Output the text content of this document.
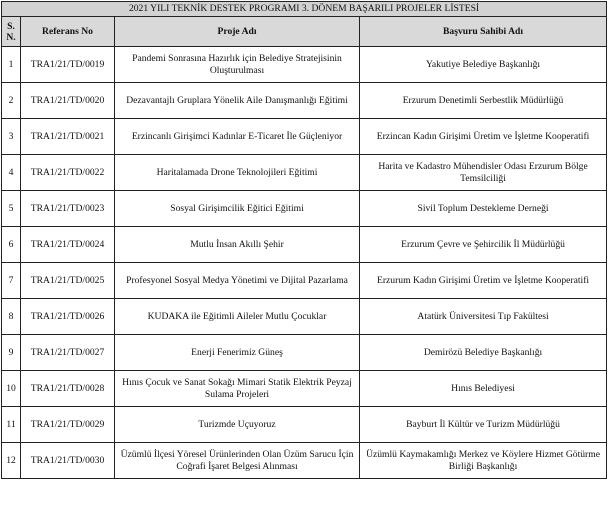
2021 YILI TEKNİK DESTEK PROGRAMI 3. DÖNEM BAŞARILI PROJELER LİSTESİ			

S.
N.	Referans No	Proje Adı	Başvuru Sahibi Adı
1	TRA1/21/TD/0019	Pandemi Sonrasına Hazırlık için Belediye Stratejisinin Oluşturulması	Yakutiye Belediye Başkanlığı
2	TRA1/21/TD/0020	Dezavantajlı Gruplara Yönelik Aile Danışmanlığı Eğitimi	Erzurum Denetimli Serbestlik Müdürlüğü
3	TRA1/21/TD/0021	Erzincanlı Girişimci Kadınlar E-Ticaret İle Güçleniyor	Erzincan Kadın Girişimi Üretim ve İşletme Kooperatifi
4	TRA1/21/TD/0022	Haritalamada Drone Teknolojileri Eğitimi	Harita ve Kadastro Mühendisler Odası Erzurum Bölge Temsilciliği
5	TRA1/21/TD/0023	Sosyal Girişimcilik Eğitici Eğitimi	Sivil Toplum Destekleme Derneği
6	TRA1/21/TD/0024	Mutlu İnsan Akıllı Şehir	Erzurum Çevre ve Şehircilik İl Müdürlüğü
7	TRA1/21/TD/0025	Profesyonel Sosyal Medya Yönetimi ve Dijital Pazarlama	Erzurum Kadın Girişimi Üretim ve İşletme Kooperatifi
8	TRA1/21/TD/0026	KUDAKA ile Eğitimli Aileler Mutlu Çocuklar	Atatürk Üniversitesi Tıp Fakültesi
9	TRA1/21/TD/0027	Enerji Fenerimiz Güneş	Demirözü Belediye Başkanlığı
10	TRA1/21/TD/0028	Hınıs Çocuk ve Sanat Sokağı Mimari Statik Elektrik Peyzaj Sulama Projeleri	Hınıs Belediyesi
11	TRA1/21/TD/0029	Turizmde Uçuyoruz	Bayburt İl Kültür ve Turizm Müdürlüğü
12	TRA1/21/TD/0030	Üzümlü İlçesi Yöresel Ürünlerinden Olan Üzüm Sarucu İçin Coğrafi İşaret Belgesi Alınması	Üzümlü Kaymakamlığı Merkez ve Köylere Hizmet Götürme Birliği Başkanlığı
